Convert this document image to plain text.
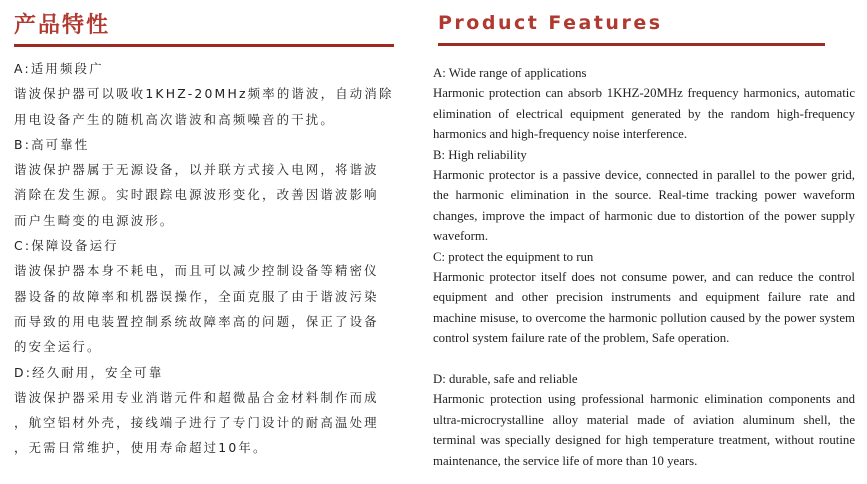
产品特性

A:适用频段广

谐波保护器可以吸收1KHZ-20MHz频率的谐波，自动消除

用电设备产生的随机高次谐波和高频噪音的干扰。

B:高可靠性

谐波保护器属于无源设备，以并联方式接入电网，将谐波

消除在发生源。实时跟踪电源波形变化，改善因谐波影响

而户生畸变的电源波形。

C:保障设备运行

谐波保护器本身不耗电，而且可以减少控制设备等精密仪

器设备的故障率和机器误操作，全面克服了由于谐波污染

而导致的用电装置控制系统故障率高的问题，保正了设备

的安全运行。

D:经久耐用，安全可靠

谐波保护器采用专业消谐元件和超微晶合金材料制作而成

，航空铝材外壳，接线端子进行了专门设计的耐高温处理

，无需日常维护，使用寿命超过10年。

Product Features

A: Wide range of applications

Harmonic protection can absorb 1KHZ-20MHz frequency harmonics, automatic elimination of electrical equipment generated by the random high-frequency harmonics and high-frequency noise interference.

B: High reliability

Harmonic protector is a passive device, connected in parallel to the power grid, the harmonic elimination in the source. Real-time tracking power waveform changes, improve the impact of harmonic due to distortion of the power supply waveform.

C: protect the equipment to run

Harmonic protector itself does not consume power, and can reduce the control equipment and other precision instruments and equipment failure rate and machine misuse, to overcome the harmonic pollution caused by the power system control system failure rate of the problem, Safe operation.

D: durable, safe and reliable

Harmonic protection using professional harmonic elimination components and ultra-microcrystalline alloy material made of aviation aluminum shell, the terminal was specially designed for high temperature treatment, without routine maintenance, the service life of more than 10 years.
